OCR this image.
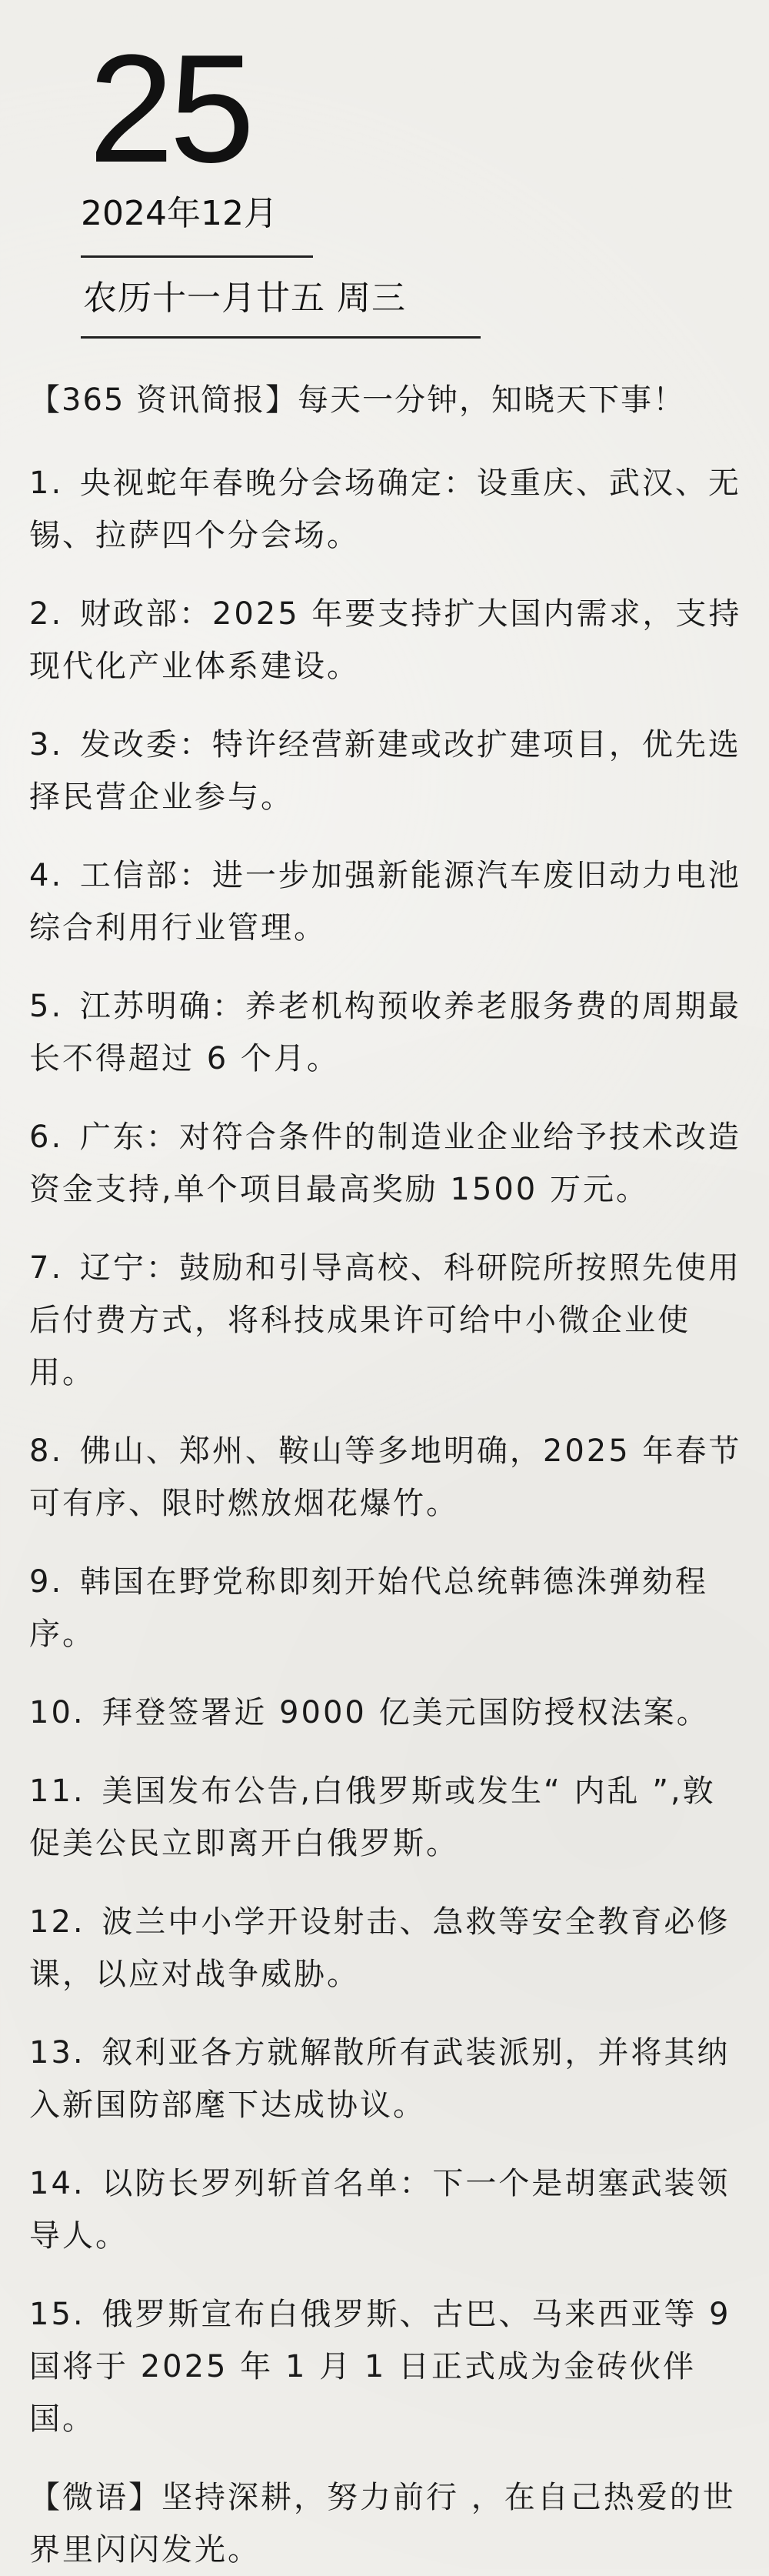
25
2024年12月
农历十一月廿五 周三
【365 资讯简报】每天一分钟，知晓天下事！
1. 央视蛇年春晚分会场确定：设重庆、武汉、无锡、拉萨四个分会场。
2. 财政部：2025 年要支持扩大国内需求，支持现代化产业体系建设。
3. 发改委：特许经营新建或改扩建项目，优先选择民营企业参与。
4. 工信部：进一步加强新能源汽车废旧动力电池综合利用行业管理。
5. 江苏明确：养老机构预收养老服务费的周期最长不得超过 6 个月。
6. 广东：对符合条件的制造业企业给予技术改造资金支持,单个项目最高奖励 1500 万元。
7. 辽宁：鼓励和引导高校、科研院所按照先使用后付费方式，将科技成果许可给中小微企业使用。
8. 佛山、郑州、鞍山等多地明确，2025 年春节可有序、限时燃放烟花爆竹。
9. 韩国在野党称即刻开始代总统韩德洙弹劾程序。
10. 拜登签署近 9000 亿美元国防授权法案。
11. 美国发布公告,白俄罗斯或发生“ 内乱 ”,敦促美公民立即离开白俄罗斯。
12. 波兰中小学开设射击、急救等安全教育必修课，以应对战争威胁。
13. 叙利亚各方就解散所有武装派别，并将其纳入新国防部麾下达成协议。
14. 以防长罗列斩首名单：下一个是胡塞武装领导人。
15. 俄罗斯宣布白俄罗斯、古巴、马来西亚等 9 国将于 2025 年 1 月 1 日正式成为金砖伙伴国。
【微语】坚持深耕，努力前行 ，在自己热爱的世界里闪闪发光。
